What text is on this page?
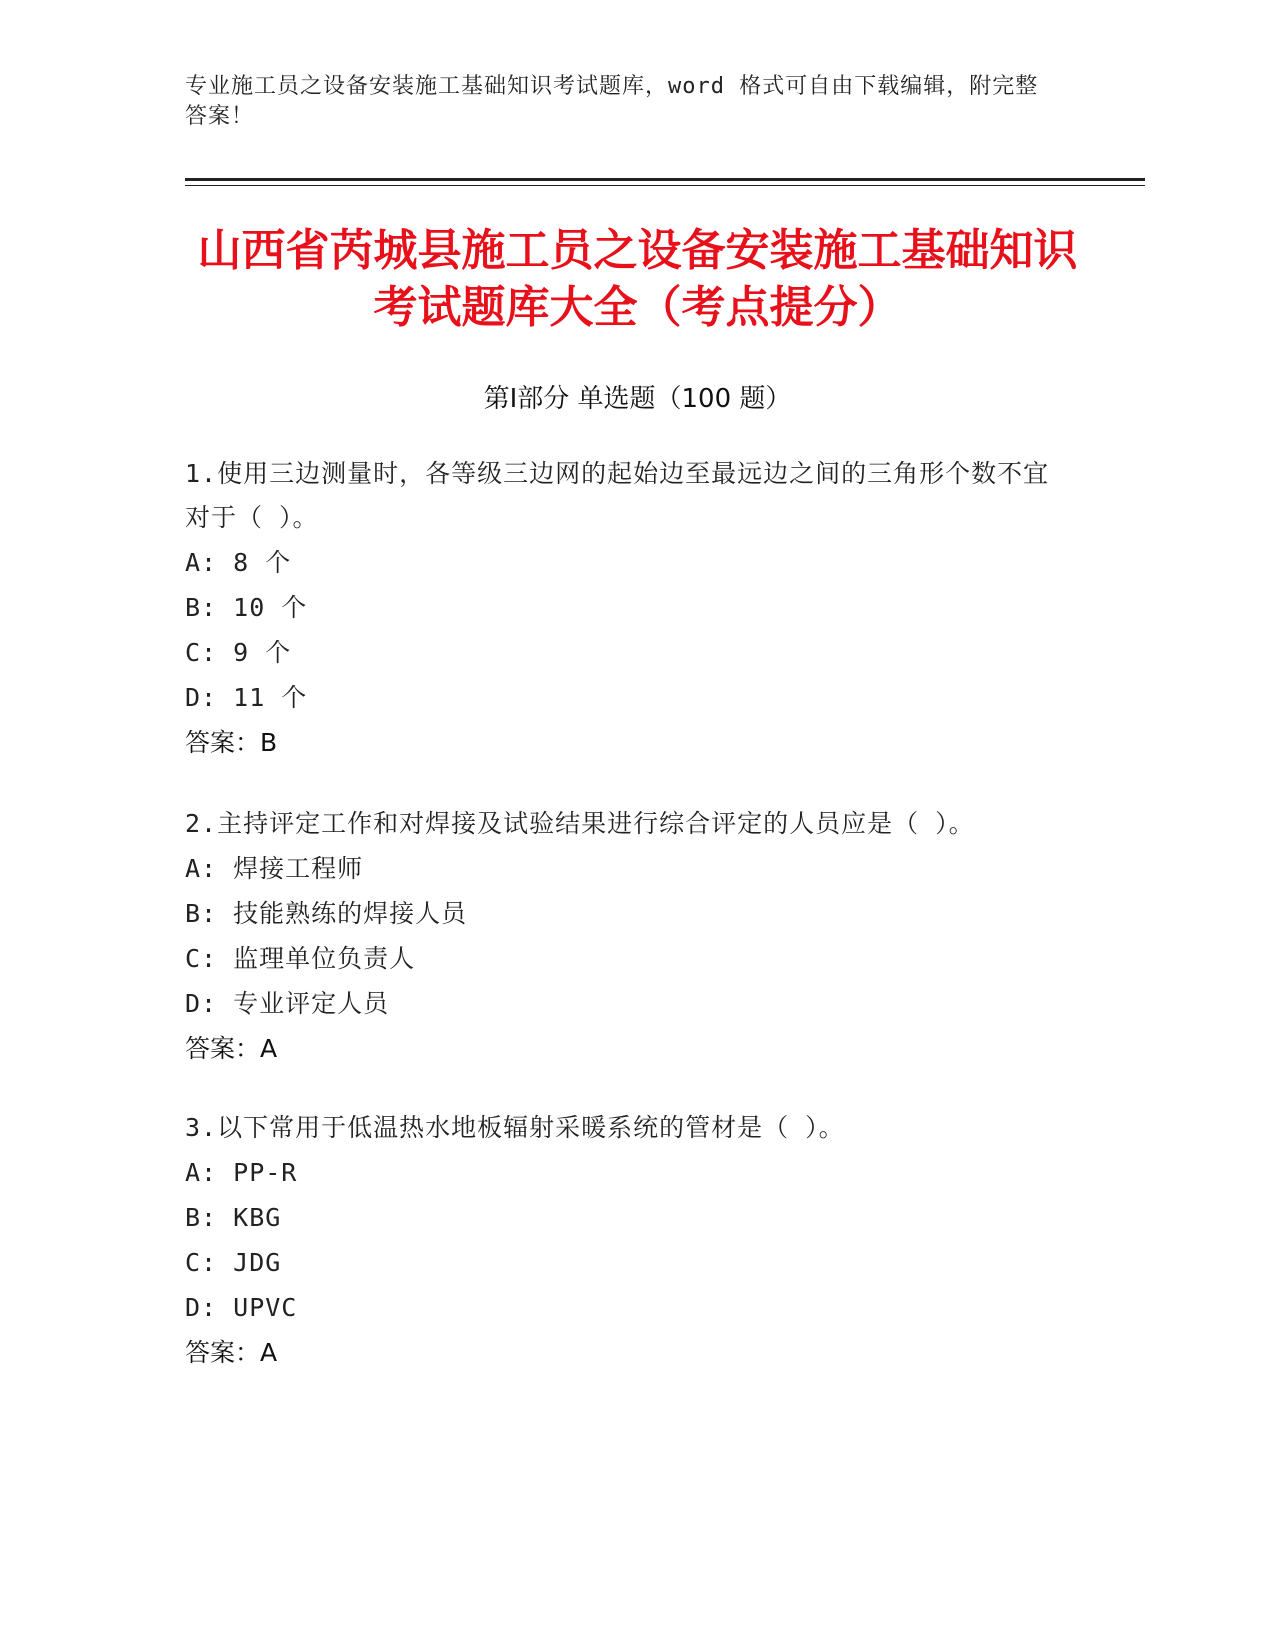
专业施工员之设备安装施工基础知识考试题库，word 格式可自由下载编辑，附完整答案！
山西省芮城县施工员之设备安装施工基础知识考试题库大全（考点提分）
第Ⅰ部分 单选题（100 题）

1.使用三边测量时，各等级三边网的起始边至最远边之间的三角形个数不宜对于（ ）。

A: 8 个

B: 10 个

C: 9 个

D: 11 个

答案：B

2.主持评定工作和对焊接及试验结果进行综合评定的人员应是（ ）。

A: 焊接工程师

B: 技能熟练的焊接人员

C: 监理单位负责人

D: 专业评定人员

答案：A

3.以下常用于低温热水地板辐射采暖系统的管材是（ ）。

A: PP-R

B: KBG

C: JDG

D: UPVC

答案：A
